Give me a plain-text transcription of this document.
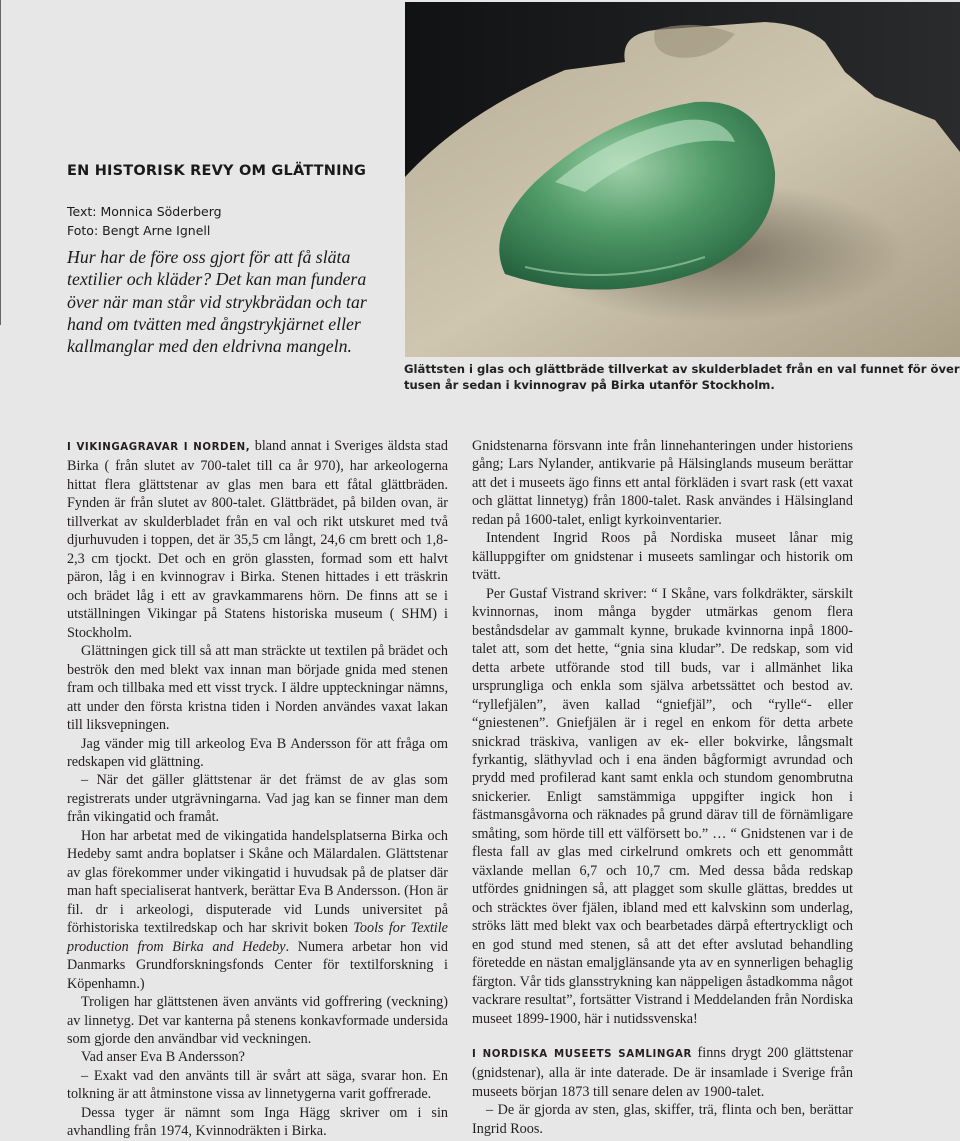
EN HISTORISK REVY OM GLÄTTNING
Text: Monnica Söderberg
Foto: Bengt Arne Ignell

Hur har de före oss gjort för att få släta textilier och kläder? Det kan man fundera över när man står vid strykbrädan och tar hand om tvätten med ångstrykjärnet eller kallmanglar med den eldrivna mangeln.

Glättsten i glas och glättbräde tillverkat av skulderbladet från en val funnet för över tusen år sedan i kvinnograv på Birka utanför Stockholm.

I VIKINGAGRAVAR I NORDEN, bland annat i Sveriges äldsta stad Birka ( från slutet av 700-talet till ca år 970), har arkeologerna hittat flera glättstenar av glas men bara ett fåtal glättbräden. Fynden är från slutet av 800-talet. Glättbrädet, på bilden ovan, är tillverkat av skulderbladet från en val och rikt utskuret med två djurhuvuden i toppen, det är 35,5 cm långt, 24,6 cm brett och 1,8-2,3 cm tjockt. Det och en grön glassten, formad som ett halvt päron, låg i en kvinnograv i Birka. Stenen hittades i ett träskrin och brädet låg i ett av gravkammarens hörn. De finns att se i utställningen Vikingar på Statens historiska museum ( SHM) i Stockholm.

Glättningen gick till så att man sträckte ut textilen på brädet och beströk den med blekt vax innan man började gnida med stenen fram och tillbaka med ett visst tryck. I äldre uppteckningar nämns, att under den första kristna tiden i Norden användes vaxat lakan till liksvepningen.

Jag vänder mig till arkeolog Eva B Andersson för att fråga om redskapen vid glättning.

– När det gäller glättstenar är det främst de av glas som registrerats under utgrävningarna. Vad jag kan se finner man dem från vikingatid och framåt.

Hon har arbetat med de vikingatida handelsplatserna Birka och Hedeby samt andra boplatser i Skåne och Mälardalen. Glättstenar av glas förekommer under vikingatid i huvudsak på de platser där man haft specialiserat hantverk, berättar Eva B Andersson. (Hon är fil. dr i arkeologi, disputerade vid Lunds universitet på förhistoriska textilredskap och har skrivit boken Tools for Textile production from Birka and Hedeby. Numera arbetar hon vid Danmarks Grundforskningsfonds Center för textilforskning i Köpenhamn.)

Troligen har glättstenen även använts vid goffrering (veckning) av linnetyg. Det var kanterna på stenens konkavformade undersida som gjorde den användbar vid veckningen.

Vad anser Eva B Andersson?

– Exakt vad den använts till är svårt att säga, svarar hon. En tolkning är att åtminstone vissa av linnetygerna varit goffrerade.

Dessa tyger är nämnt som Inga Hägg skriver om i sin avhandling från 1974, Kvinnodräkten i Birka.

Gnidstenarna försvann inte från linnehanteringen under historiens gång; Lars Nylander, antikvarie på Hälsinglands museum berättar att det i museets ägo finns ett antal förkläden i svart rask (ett vaxat och glättat linnetyg) från 1800-talet. Rask användes i Hälsingland redan på 1600-talet, enligt kyrkoinventarier.

Intendent Ingrid Roos på Nordiska museet lånar mig källuppgifter om gnidstenar i museets samlingar och historik om tvätt.

Per Gustaf Vistrand skriver: “ I Skåne, vars folkdräkter, särskilt kvinnornas, inom många bygder utmärkas genom flera beståndsdelar av gammalt kynne, brukade kvinnorna inpå 1800-talet att, som det hette, “gnia sina kludar”. De redskap, som vid detta arbete utförande stod till buds, var i allmänhet lika ursprungliga och enkla som själva arbetssättet och bestod av. “ryllefjälen”, även kallad “gniefjäl”, och “rylle“- eller “gniestenen”. Gniefjälen är i regel en enkom för detta arbete snickrad träskiva, vanligen av ek- eller bokvirke, långsmalt fyrkantig, släthyvlad och i ena änden bågformigt avrundad och prydd med profilerad kant samt enkla och stundom genombrutna snickerier. Enligt samstämmiga uppgifter ingick hon i fästmansgåvorna och räknades på grund därav till de förnämligare småting, som hörde till ett välförsett bo.” … “ Gnidstenen var i de flesta fall av glas med cirkelrund omkrets och ett genommått växlande mellan 6,7 och 10,7 cm. Med dessa båda redskap utfördes gnidningen så, att plagget som skulle glättas, breddes ut och sträcktes över fjälen, ibland med ett kalvskinn som underlag, ströks lätt med blekt vax och bearbetades därpå eftertryckligt och en god stund med stenen, så att det efter avslutad behandling företedde en nästan emaljglänsande yta av en synnerligen behaglig färgton. Vår tids glansstrykning kan näppeligen åstadkomma något vackrare resultat”, fortsätter Vistrand i Meddelanden från Nordiska museet 1899-1900, här i nutidssvenska!

I NORDISKA MUSEETS SAMLINGAR finns drygt 200 glättstenar (gnidstenar), alla är inte daterade. De är insamlade i Sverige från museets början 1873 till senare delen av 1900-talet.

– De är gjorda av sten, glas, skiffer, trä, flinta och ben, berättar Ingrid Roos.
